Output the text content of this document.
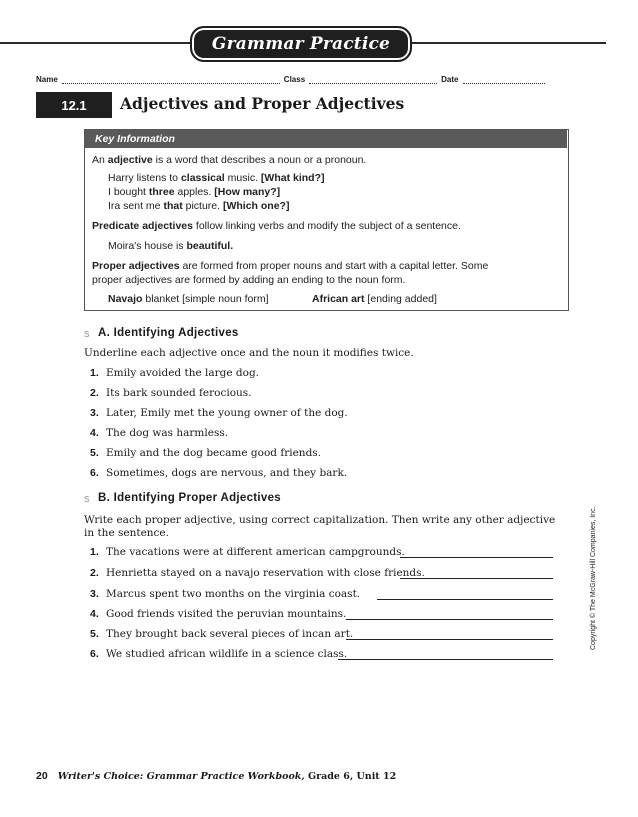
Grammar Practice
Name	Class	Date
12.1	Adjectives and Proper Adjectives
Key Information
An adjective is a word that describes a noun or a pronoun.
Harry listens to classical music. [What kind?]
I bought three apples. [How many?]
Ira sent me that picture. [Which one?]
Predicate adjectives follow linking verbs and modify the subject of a sentence.
Moira's house is beautiful.
Proper adjectives are formed from proper nouns and start with a capital letter. Some
proper adjectives are formed by adding an ending to the noun form.
Navajo blanket [simple noun form]	African art [ending added]
S A. Identifying Adjectives
Underline each adjective once and the noun it modifies twice.
1. Emily avoided the large dog.
2. Its bark sounded ferocious.
3. Later, Emily met the young owner of the dog.
4. The dog was harmless.
5. Emily and the dog became good friends.
6. Sometimes, dogs are nervous, and they bark.
S B. Identifying Proper Adjectives
Write each proper adjective, using correct capitalization. Then write any other adjective
in the sentence.
1. The vacations were at different american campgrounds.
2. Henrietta stayed on a navajo reservation with close friends.
3. Marcus spent two months on the virginia coast.
4. Good friends visited the peruvian mountains.
5. They brought back several pieces of incan art.
6. We studied african wildlife in a science class.
Copyright © The McGraw-Hill Companies, Inc.
20 Writer's Choice: Grammar Practice Workbook, Grade 6, Unit 12
